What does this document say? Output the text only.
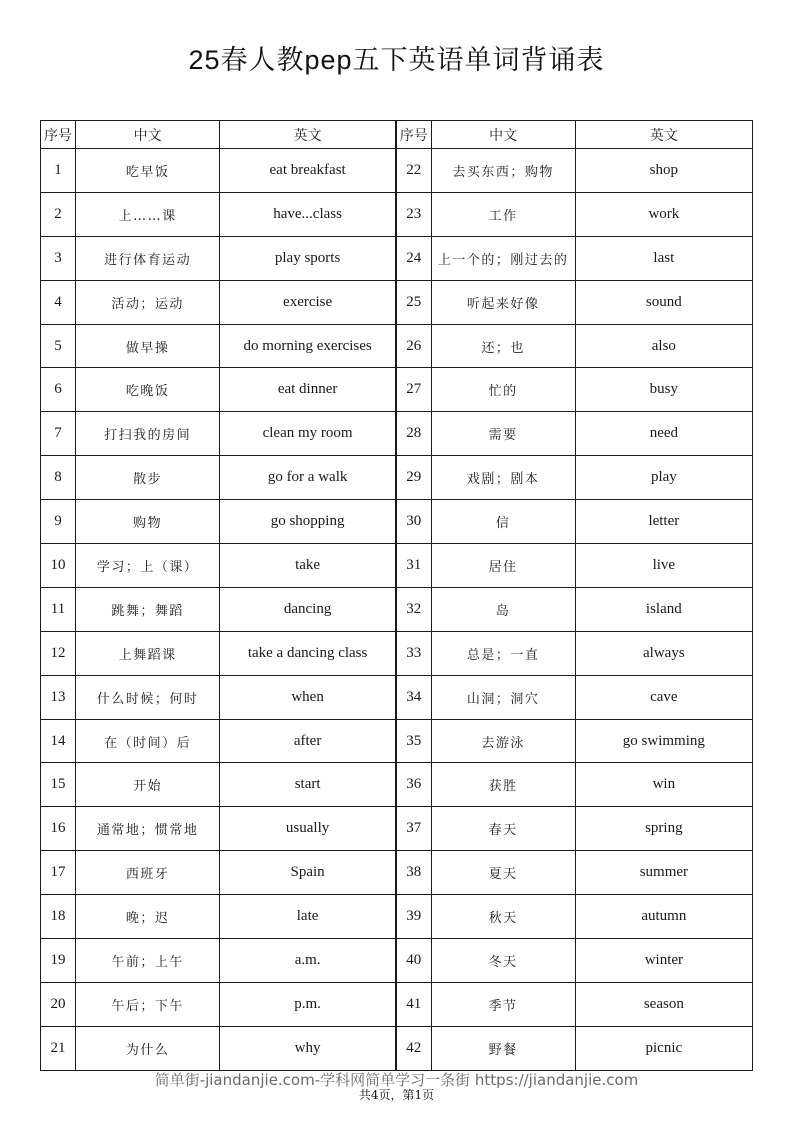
25春人教pep五下英语单词背诵表
序号	中文	英文	序号	中文	英文
1	吃早饭	eat breakfast	22	去买东西；购物	shop
2	上……课	have...class	23	工作	work
3	进行体育运动	play sports	24	上一个的；刚过去的	last
4	活动；运动	exercise	25	听起来好像	sound
5	做早操	do morning exercises	26	还；也	also
6	吃晚饭	eat dinner	27	忙的	busy
7	打扫我的房间	clean my room	28	需要	need
8	散步	go for a walk	29	戏剧；剧本	play
9	购物	go shopping	30	信	letter
10	学习；上（课）	take	31	居住	live
11	跳舞；舞蹈	dancing	32	岛	island
12	上舞蹈课	take a dancing class	33	总是；一直	always
13	什么时候；何时	when	34	山洞；洞穴	cave
14	在（时间）后	after	35	去游泳	go swimming
15	开始	start	36	获胜	win
16	通常地；惯常地	usually	37	春天	spring
17	西班牙	Spain	38	夏天	summer
18	晚；迟	late	39	秋天	autumn
19	午前；上午	a.m.	40	冬天	winter
20	午后；下午	p.m.	41	季节	season
21	为什么	why	42	野餐	picnic
简单街-jiandanjie.com-学科网简单学习一条街 https://jiandanjie.com
共4页，第1页
